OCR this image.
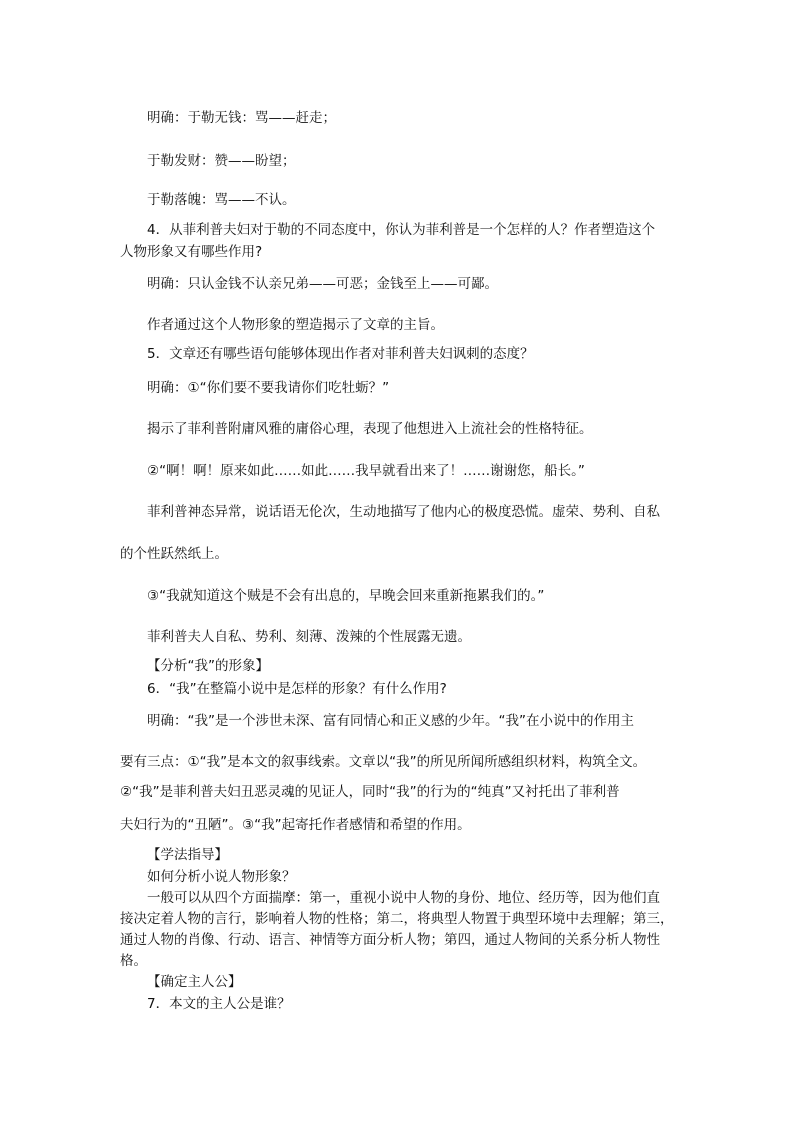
明确：于勒无钱：骂——赶走；

于勒发财：赞——盼望；

于勒落魄：骂——不认。

4．从菲利普夫妇对于勒的不同态度中，你认为菲利普是一个怎样的人？作者塑造这个

人物形象又有哪些作用?

明确：只认金钱不认亲兄弟——可恶；金钱至上——可鄙。

作者通过这个人物形象的塑造揭示了文章的主旨。

5．文章还有哪些语句能够体现出作者对菲利普夫妇讽刺的态度？

明确：①“你们要不要我请你们吃牡蛎？”

揭示了菲利普附庸风雅的庸俗心理，表现了他想进入上流社会的性格特征。

②“啊！啊！原来如此……如此……我早就看出来了！……谢谢您，船长。”

菲利普神态异常，说话语无伦次，生动地描写了他内心的极度恐慌。虚荣、势利、自私

的个性跃然纸上。

③“我就知道这个贼是不会有出息的，早晚会回来重新拖累我们的。”

菲利普夫人自私、势利、刻薄、泼辣的个性展露无遗。

【分析“我”的形象】

6．“我”在整篇小说中是怎样的形象？有什么作用?

明确：“我”是一个涉世未深、富有同情心和正义感的少年。“我”在小说中的作用主

要有三点：①“我”是本文的叙事线索。文章以“我”的所见所闻所感组织材料，构筑全文。

②“我”是菲利普夫妇丑恶灵魂的见证人，同时“我”的行为的“纯真”又衬托出了菲利普

夫妇行为的“丑陋”。③“我”起寄托作者感情和希望的作用。

【学法指导】

如何分析小说人物形象？

一般可以从四个方面揣摩：第一，重视小说中人物的身份、地位、经历等，因为他们直

接决定着人物的言行，影响着人物的性格；第二，将典型人物置于典型环境中去理解；第三，

通过人物的肖像、行动、语言、神情等方面分析人物；第四，通过人物间的关系分析人物性

格。

【确定主人公】

7．本文的主人公是谁？
